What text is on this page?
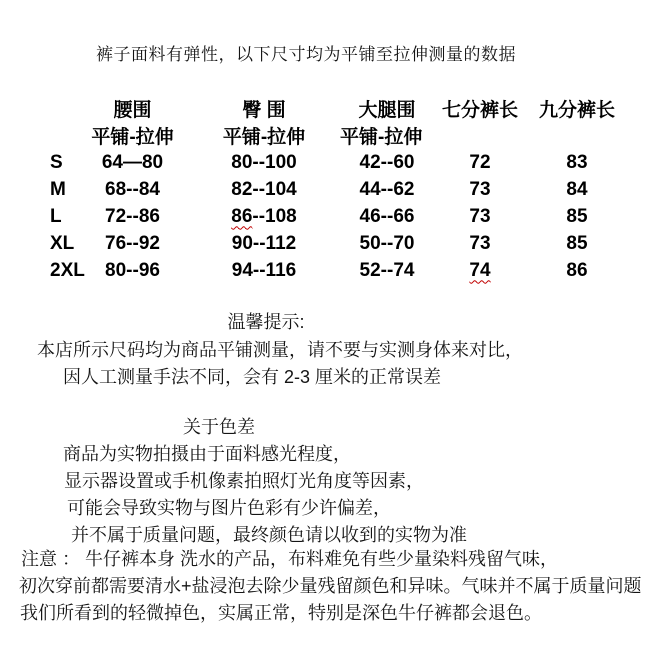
裤子面料有弹性，以下尺寸均为平铺至拉伸测量的数据
	腰围	臀 围	大腿围	七分裤长	九分裤长
	平铺-拉伸	平铺-拉伸	平铺-拉伸		
S	64—80	80--100	42--60	72	83
M	68--84	82--104	44--62	73	84
L	72--86	86--108	46--66	73	85
XL	76--92	90--112	50--70	73	85
2XL	80--96	94--116	52--74	74	86
温馨提示:
本店所示尺码均为商品平铺测量，请不要与实测身体来对比，
因人工测量手法不同，会有 2-3 厘米的正常误差
关于色差
商品为实物拍摄由于面料感光程度，
显示器设置或手机像素拍照灯光角度等因素，
可能会导致实物与图片色彩有少许偏差，
并不属于质量问题，最终颜色请以收到的实物为准
注意 ： 牛仔裤本身 洗水的产品，布料难免有些少量染料残留气味，
初次穿前都需要清水+盐浸泡去除少量残留颜色和异味。气味并不属于质量问题
我们所看到的轻微掉色，实属正常，特别是深色牛仔裤都会退色。
